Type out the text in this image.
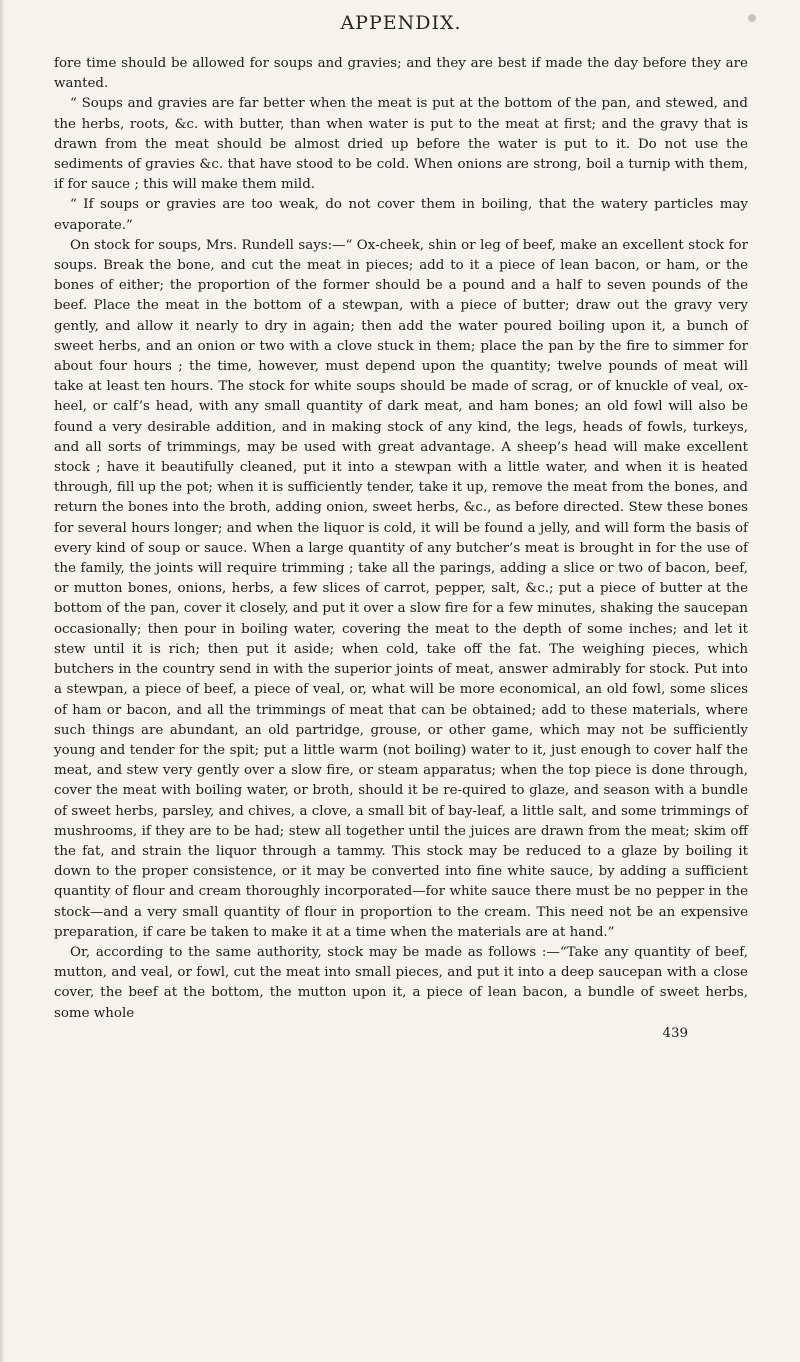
APPENDIX.

fore time should be allowed for soups and gravies; and they are best if made the day before they are wanted.

“ Soups and gravies are far better when the meat is put at the bottom of the pan, and stewed, and the herbs, roots, &c. with butter, than when water is put to the meat at first; and the gravy that is drawn from the meat should be almost dried up before the water is put to it. Do not use the sediments of gravies &c. that have stood to be cold. When onions are strong, boil a turnip with them, if for sauce ; this will make them mild.

“ If soups or gravies are too weak, do not cover them in boiling, that the watery particles may evaporate.”

On stock for soups, Mrs. Rundell says:—“ Ox-cheek, shin or leg of beef, make an excellent stock for soups. Break the bone, and cut the meat in pieces; add to it a piece of lean bacon, or ham, or the bones of either; the proportion of the former should be a pound and a half to seven pounds of the beef. Place the meat in the bottom of a stewpan, with a piece of butter; draw out the gravy very gently, and allow it nearly to dry in again; then add the water poured boiling upon it, a bunch of sweet herbs, and an onion or two with a clove stuck in them; place the pan by the fire to simmer for about four hours ; the time, however, must depend upon the quantity; twelve pounds of meat will take at least ten hours. The stock for white soups should be made of scrag, or of knuckle of veal, ox-heel, or calf’s head, with any small quantity of dark meat, and ham bones; an old fowl will also be found a very desirable addition, and in making stock of any kind, the legs, heads of fowls, turkeys, and all sorts of trimmings, may be used with great advantage. A sheep’s head will make excellent stock ; have it beautifully cleaned, put it into a stewpan with a little water, and when it is heated through, fill up the pot; when it is sufficiently tender, take it up, remove the meat from the bones, and return the bones into the broth, adding onion, sweet herbs, &c., as before directed. Stew these bones for several hours longer; and when the liquor is cold, it will be found a jelly, and will form the basis of every kind of soup or sauce. When a large quantity of any butcher’s meat is brought in for the use of the family, the joints will require trimming ; take all the parings, adding a slice or two of bacon, beef, or mutton bones, onions, herbs, a few slices of carrot, pepper, salt, &c.; put a piece of butter at the bottom of the pan, cover it closely, and put it over a slow fire for a few minutes, shaking the saucepan occasionally; then pour in boiling water, covering the meat to the depth of some inches; and let it stew until it is rich; then put it aside; when cold, take off the fat. The weighing pieces, which butchers in the country send in with the superior joints of meat, answer admirably for stock. Put into a stewpan, a piece of beef, a piece of veal, or, what will be more economical, an old fowl, some slices of ham or bacon, and all the trimmings of meat that can be obtained; add to these materials, where such things are abundant, an old partridge, grouse, or other game, which may not be sufficiently young and tender for the spit; put a little warm (not boiling) water to it, just enough to cover half the meat, and stew very gently over a slow fire, or steam apparatus; when the top piece is done through, cover the meat with boiling water, or broth, should it be re-quired to glaze, and season with a bundle of sweet herbs, parsley, and chives, a clove, a small bit of bay-leaf, a little salt, and some trimmings of mushrooms, if they are to be had; stew all together until the juices are drawn from the meat; skim off the fat, and strain the liquor through a tammy. This stock may be reduced to a glaze by boiling it down to the proper consistence, or it may be converted into fine white sauce, by adding a sufficient quantity of flour and cream thoroughly incorporated—for white sauce there must be no pepper in the stock—and a very small quantity of flour in proportion to the cream. This need not be an expensive preparation, if care be taken to make it at a time when the materials are at hand.”

Or, according to the same authority, stock may be made as follows :—“Take any quantity of beef, mutton, and veal, or fowl, cut the meat into small pieces, and put it into a deep saucepan with a close cover, the beef at the bottom, the mutton upon it, a piece of lean bacon, a bundle of sweet herbs, some whole

439
